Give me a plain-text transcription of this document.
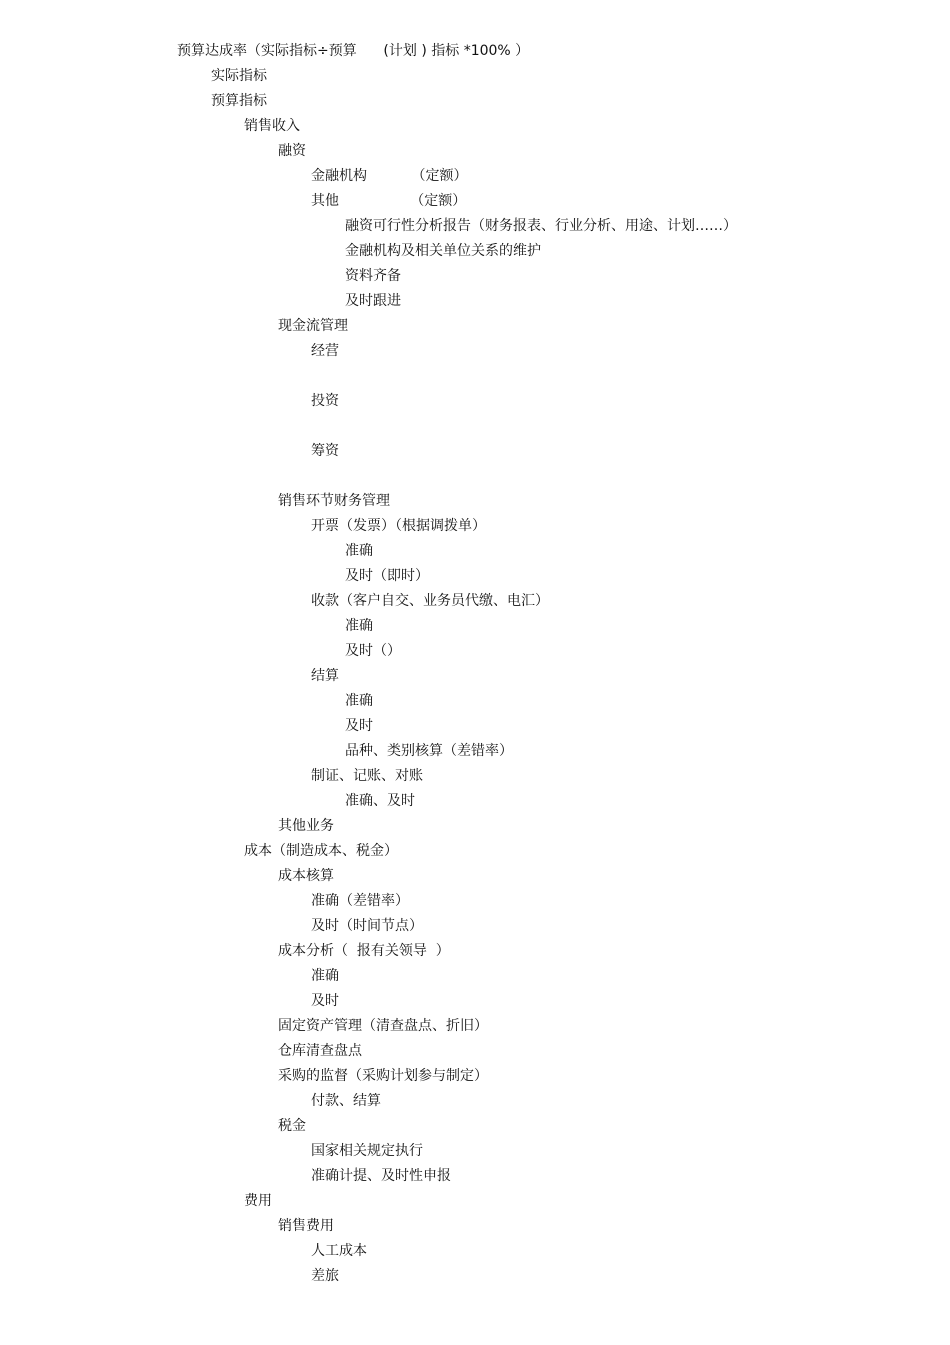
预算达成率（实际指标÷预算      (计划 ) 指标 *100% ）
实际指标
预算指标
销售收入
融资
金融机构          （定额）
其他                （定额）
融资可行性分析报告（财务报表、行业分析、用途、计划……）
金融机构及相关单位关系的维护
资料齐备
及时跟进
现金流管理
经营
投资
筹资
销售环节财务管理
开票（发票）（根据调拨单）
准确
及时（即时）
收款（客户自交、业务员代缴、电汇）
准确
及时（）
结算
准确
及时
品种、类别核算（差错率）
制证、记账、对账
准确、及时
其他业务
成本（制造成本、税金）
成本核算
准确（差错率）
及时（时间节点）
成本分析（  报有关领导  ）
准确
及时
固定资产管理（清查盘点、折旧）
仓库清查盘点
采购的监督（采购计划参与制定）
付款、结算
税金
国家相关规定执行
准确计提、及时性申报
费用
销售费用
人工成本
差旅
